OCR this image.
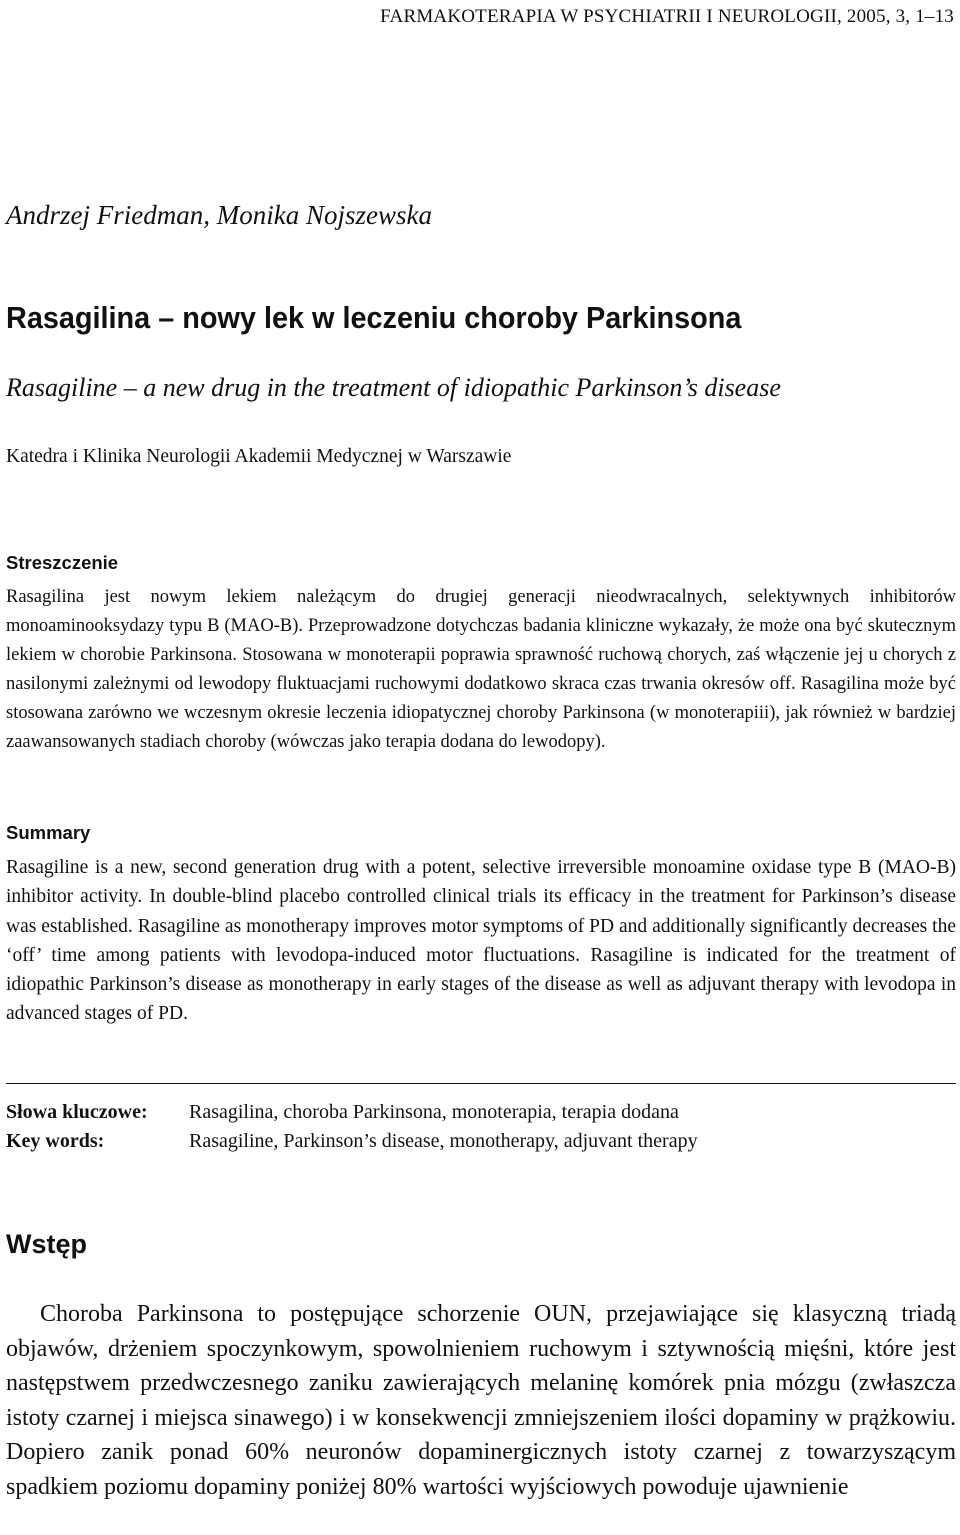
FARMAKOTERAPIA W PSYCHIATRII I NEUROLOGII, 2005, 3, 1–13
Andrzej Friedman, Monika Nojszewska
Rasagilina – nowy lek w leczeniu choroby Parkinsona
Rasagiline – a new drug in the treatment of idiopathic Parkinson’s disease
Katedra i Klinika Neurologii Akademii Medycznej w Warszawie
Streszczenie
Rasagilina jest nowym lekiem należącym do drugiej generacji nieodwracalnych, selektywnych inhibitorów monoaminooksydazy typu B (MAO-B). Przeprowadzone dotychczas badania kliniczne wykazały, że może ona być skutecznym lekiem w chorobie Parkinsona. Stosowana w monoterapii poprawia sprawność ruchową chorych, zaś włączenie jej u chorych z nasilonymi zależnymi od lewodopy fluktuacjami ruchowymi dodatkowo skraca czas trwania okresów off. Rasagilina może być stosowana zarówno we wczesnym okresie leczenia idiopatycznej choroby Parkinsona (w monoterapiii), jak również w bardziej zaawansowanych stadiach choroby (wówczas jako terapia dodana do lewodopy).
Summary
Rasagiline is a new, second generation drug with a potent, selective irreversible monoamine oxidase type B (MAO-B) inhibitor activity. In double-blind placebo controlled clinical trials its efficacy in the treatment for Parkinson’s disease was established. Rasagiline as monotherapy improves motor symptoms of PD and additionally significantly decreases the ‘off’ time among patients with levodopa-induced motor fluctuations. Rasagiline is indicated for the treatment of idiopathic Parkinson’s disease as monotherapy in early stages of the disease as well as adjuvant therapy with levodopa in advanced stages of PD.
Słowa kluczowe: Rasagilina, choroba Parkinsona, monoterapia, terapia dodana
Key words:	Rasagiline, Parkinson’s disease, monotherapy, adjuvant therapy
Wstęp
Choroba Parkinsona to postępujące schorzenie OUN, przejawiające się klasyczną triadą objawów, drżeniem spoczynkowym, spowolnieniem ruchowym i sztywnością mięśni, które jest następstwem przedwczesnego zaniku zawierających melaninę komórek pnia mózgu (zwłaszcza istoty czarnej i miejsca sinawego) i w konsekwencji zmniejszeniem ilości dopaminy w prążkowiu. Dopiero zanik ponad 60% neuronów dopaminergicznych istoty czarnej z towarzyszącym spadkiem poziomu dopaminy poniżej 80% wartości wyjściowych powoduje ujawnienie
